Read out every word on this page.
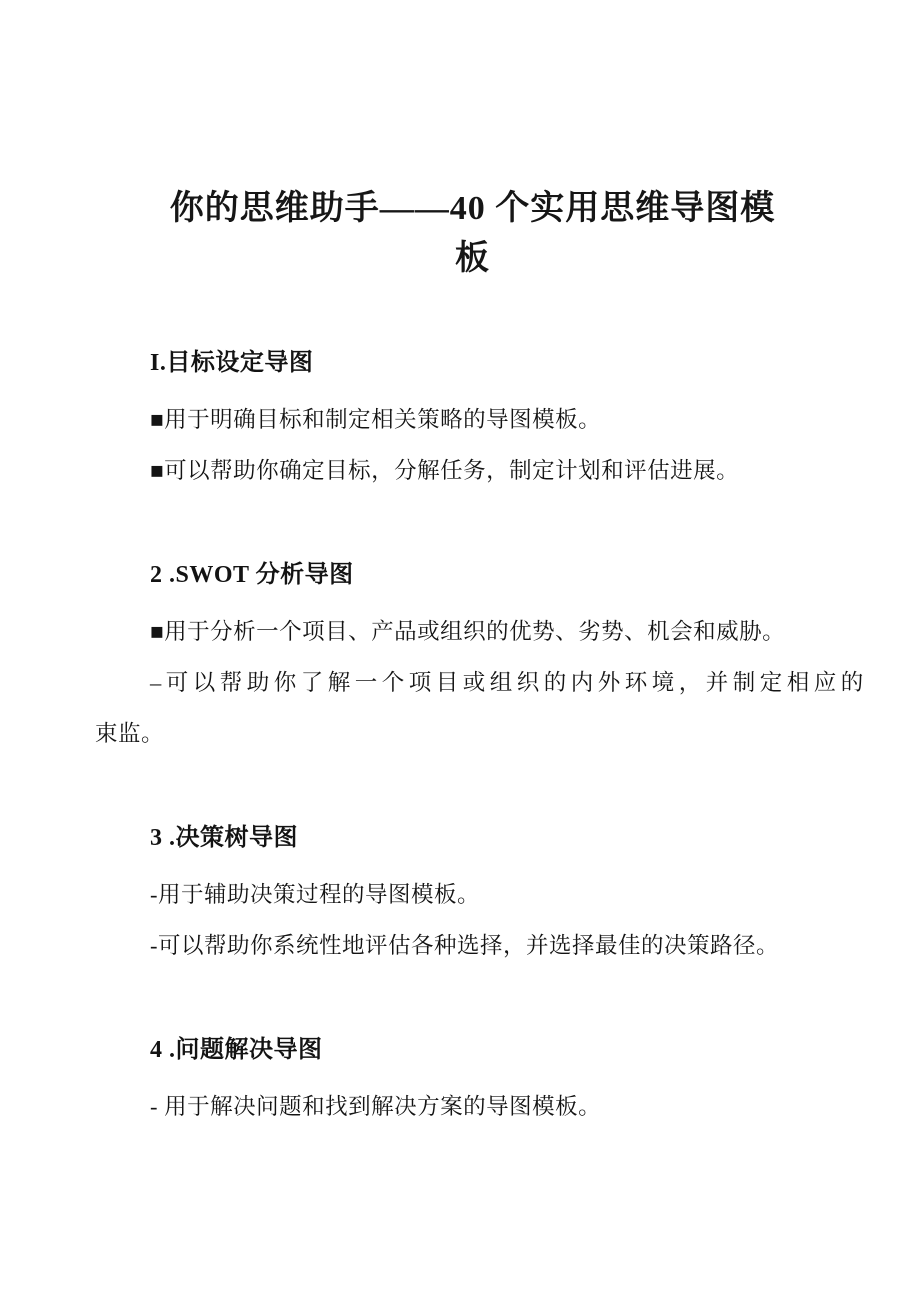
你的思维助手——40 个实用思维导图模
板
I.目标设定导图

■用于明确目标和制定相关策略的导图模板。

■可以帮助你确定目标，分解任务，制定计划和评估进展。

2 .SWOT 分析导图

■用于分析一个项目、产品或组织的优势、劣势、机会和威胁。

–可以帮助你了解一个项目或组织的内外环境，并制定相应的

束监。

3 .决策树导图

-用于辅助决策过程的导图模板。

-可以帮助你系统性地评估各种选择，并选择最佳的决策路径。

4 .问题解决导图

- 用于解决问题和找到解决方案的导图模板。
